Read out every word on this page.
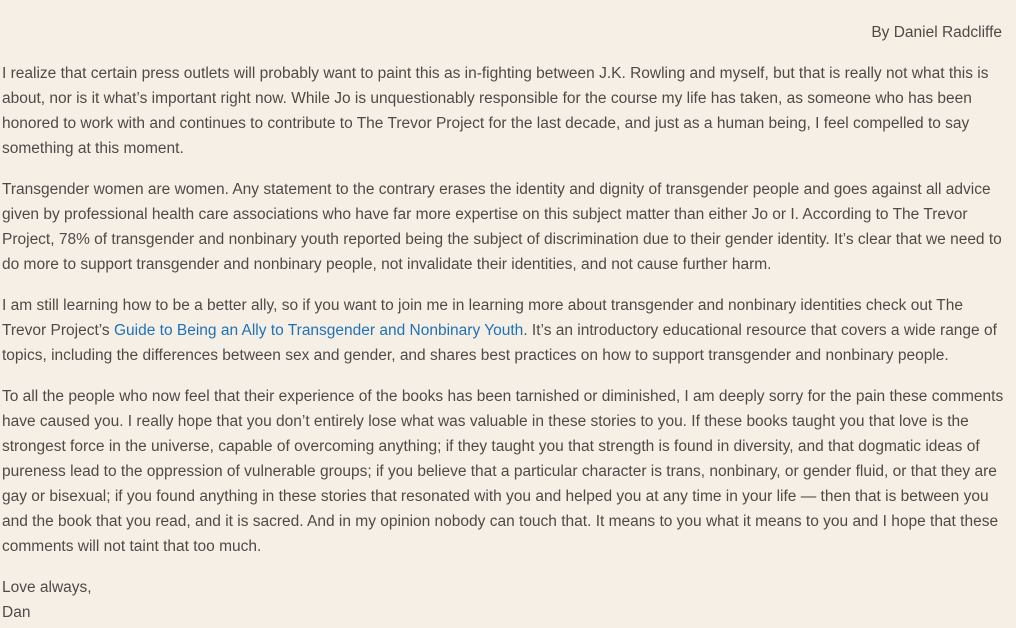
By Daniel Radcliffe

I realize that certain press outlets will probably want to paint this as in-fighting between J.K. Rowling and myself, but that is really not what this is about, nor is it what’s important right now. While Jo is unquestionably responsible for the course my life has taken, as someone who has been honored to work with and continues to contribute to The Trevor Project for the last decade, and just as a human being, I feel compelled to say something at this moment.

Transgender women are women. Any statement to the contrary erases the identity and dignity of transgender people and goes against all advice given by professional health care associations who have far more expertise on this subject matter than either Jo or I. According to The Trevor Project, 78% of transgender and nonbinary youth reported being the subject of discrimination due to their gender identity. It’s clear that we need to do more to support transgender and nonbinary people, not invalidate their identities, and not cause further harm.

I am still learning how to be a better ally, so if you want to join me in learning more about transgender and nonbinary identities check out The Trevor Project’s Guide to Being an Ally to Transgender and Nonbinary Youth. It’s an introductory educational resource that covers a wide range of topics, including the differences between sex and gender, and shares best practices on how to support transgender and nonbinary people.

To all the people who now feel that their experience of the books has been tarnished or diminished, I am deeply sorry for the pain these comments have caused you. I really hope that you don’t entirely lose what was valuable in these stories to you. If these books taught you that love is the strongest force in the universe, capable of overcoming anything; if they taught you that strength is found in diversity, and that dogmatic ideas of pureness lead to the oppression of vulnerable groups; if you believe that a particular character is trans, nonbinary, or gender fluid, or that they are gay or bisexual; if you found anything in these stories that resonated with you and helped you at any time in your life — then that is between you and the book that you read, and it is sacred. And in my opinion nobody can touch that. It means to you what it means to you and I hope that these comments will not taint that too much.

Love always,

Dan
